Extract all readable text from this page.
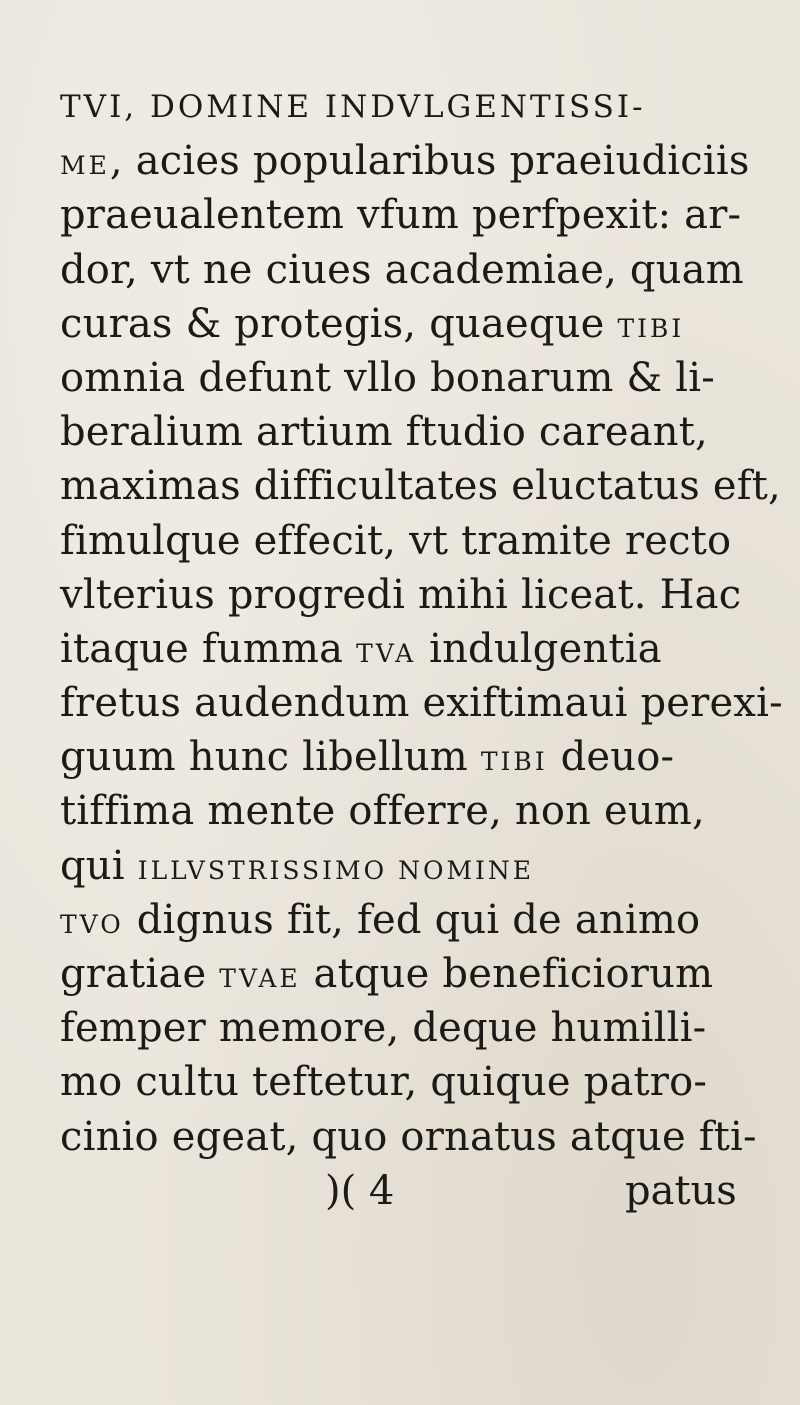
TVI, DOMINE INDVLGENTISSI-
ME, acies popularibus praeiudiciis
praeualentem vfum perfpexit: ar-
dor, vt ne ciues academiae, quam
curas & protegis, quaeque TIBI
omnia defunt vllo bonarum & li-
beralium artium ftudio careant,
maximas difficultates eluctatus eft,
fimulque effecit, vt tramite recto
vlterius progredi mihi liceat. Hac
itaque fumma TVA indulgentia
fretus audendum exiftimaui perexi-
guum hunc libellum TIBI deuo-
tiffima mente offerre, non eum,
qui ILLVSTRISSIMO NOMINE
TVO dignus fit, fed qui de animo
gratiae TVAE atque beneficiorum
femper memore, deque humilli-
mo cultu teftetur, quique patro-
cinio egeat, quo ornatus atque fti-
)( 4	patus
